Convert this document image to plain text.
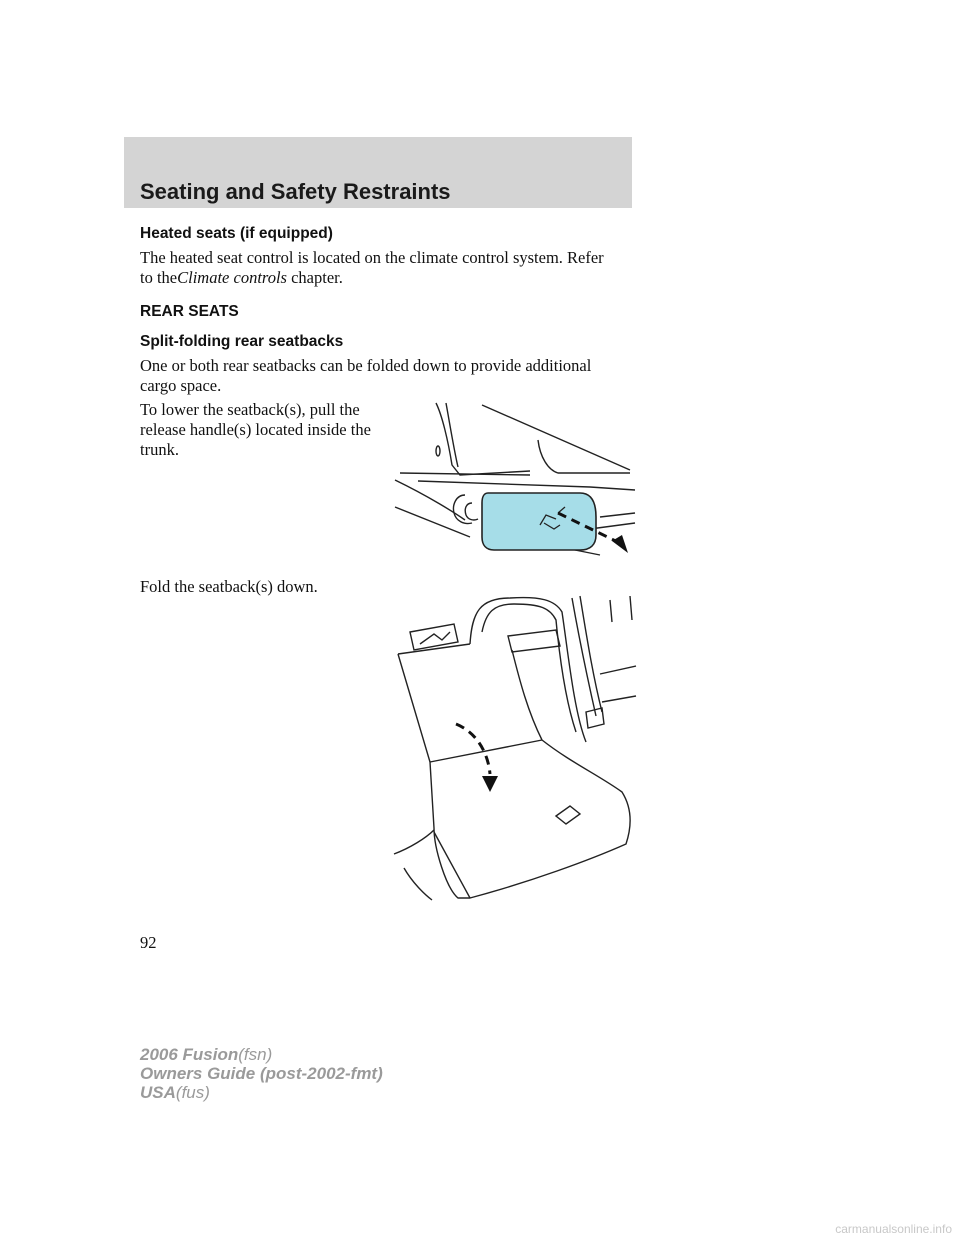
Seating and Safety Restraints
Heated seats (if equipped)
The heated seat control is located on the climate control system. Refer
to theClimate controls chapter.
REAR SEATS
Split-folding rear seatbacks
One or both rear seatbacks can be folded down to provide additional
cargo space.
To lower the seatback(s), pull the
release handle(s) located inside the
trunk.
Fold the seatback(s) down.
92
2006 Fusion(fsn)
Owners Guide (post-2002-fmt)
USA(fus)
carmanualsonline.info
